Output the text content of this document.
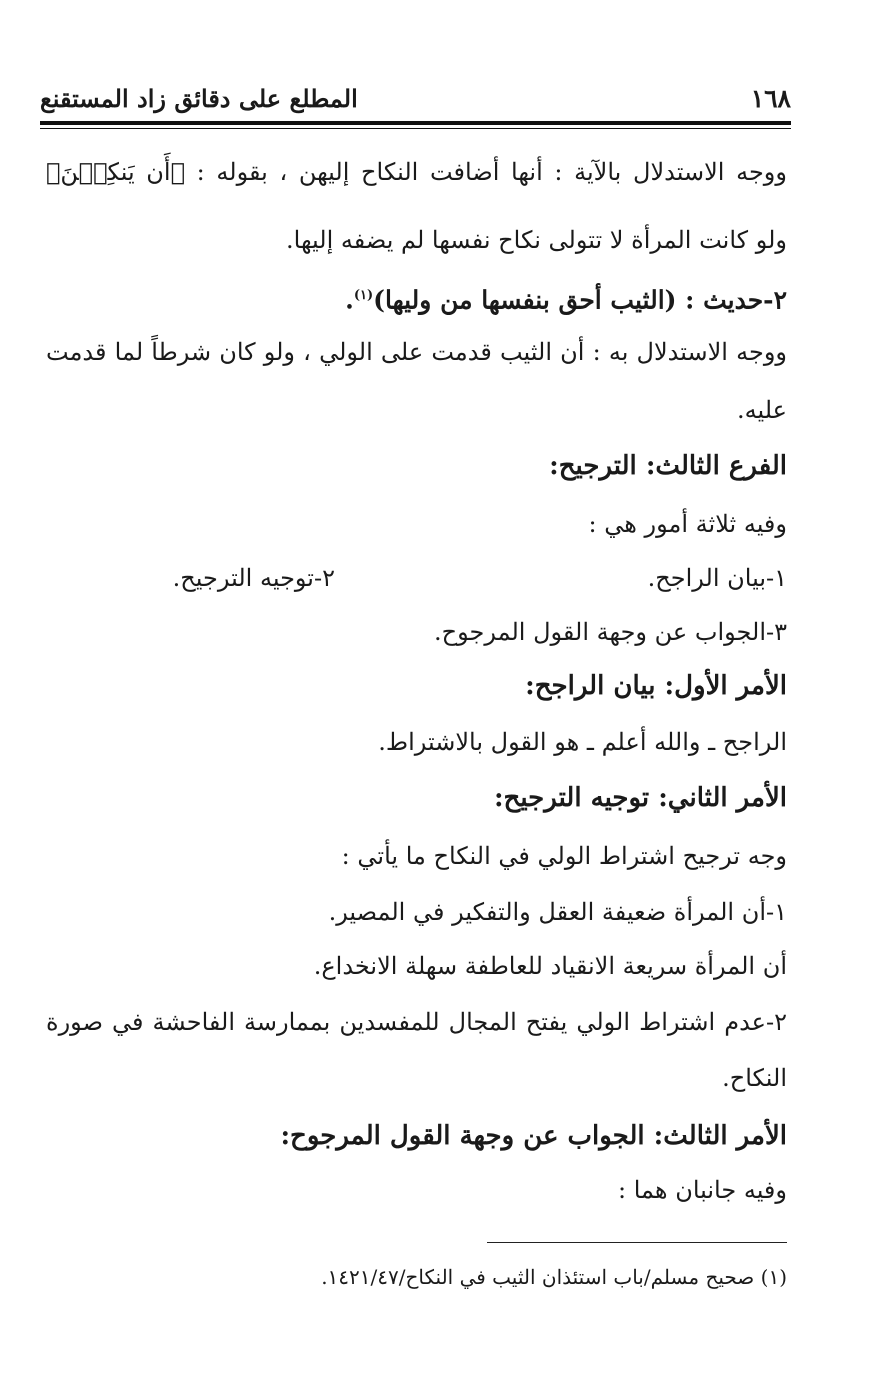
١٦٨
المطلع على دقائق زاد المستقنع
ووجه الاستدلال بالآية : أنها أضافت النكاح إليهن ، بقوله : ﴿أَن يَنكِحۡنَ﴾
ولو كانت المرأة لا تتولى نكاح نفسها لم يضفه إليها.
٢-حديث : (الثيب أحق بنفسها من وليها)$^{(١)}$.
ووجه الاستدلال به : أن الثيب قدمت على الولي ، ولو كان شرطاً لما قدمت
عليه.
الفرع الثالث: الترجيح:
وفيه ثلاثة أمور هي :
١-بيان الراجح.
٢-توجيه الترجيح.
٣-الجواب عن وجهة القول المرجوح.
الأمر الأول: بيان الراجح:
الراجح ـ والله أعلم ـ هو القول بالاشتراط.
الأمر الثاني: توجيه الترجيح:
وجه ترجيح اشتراط الولي في النكاح ما يأتي :
١-أن المرأة ضعيفة العقل والتفكير في المصير.
أن المرأة سريعة الانقياد للعاطفة سهلة الانخداع.
٢-عدم اشتراط الولي يفتح المجال للمفسدين بممارسة الفاحشة في صورة
النكاح.
الأمر الثالث: الجواب عن وجهة القول المرجوح:
وفيه جانبان هما :
(١) صحيح مسلم/باب استئذان الثيب في النكاح/١٤٢١/٤٧.
